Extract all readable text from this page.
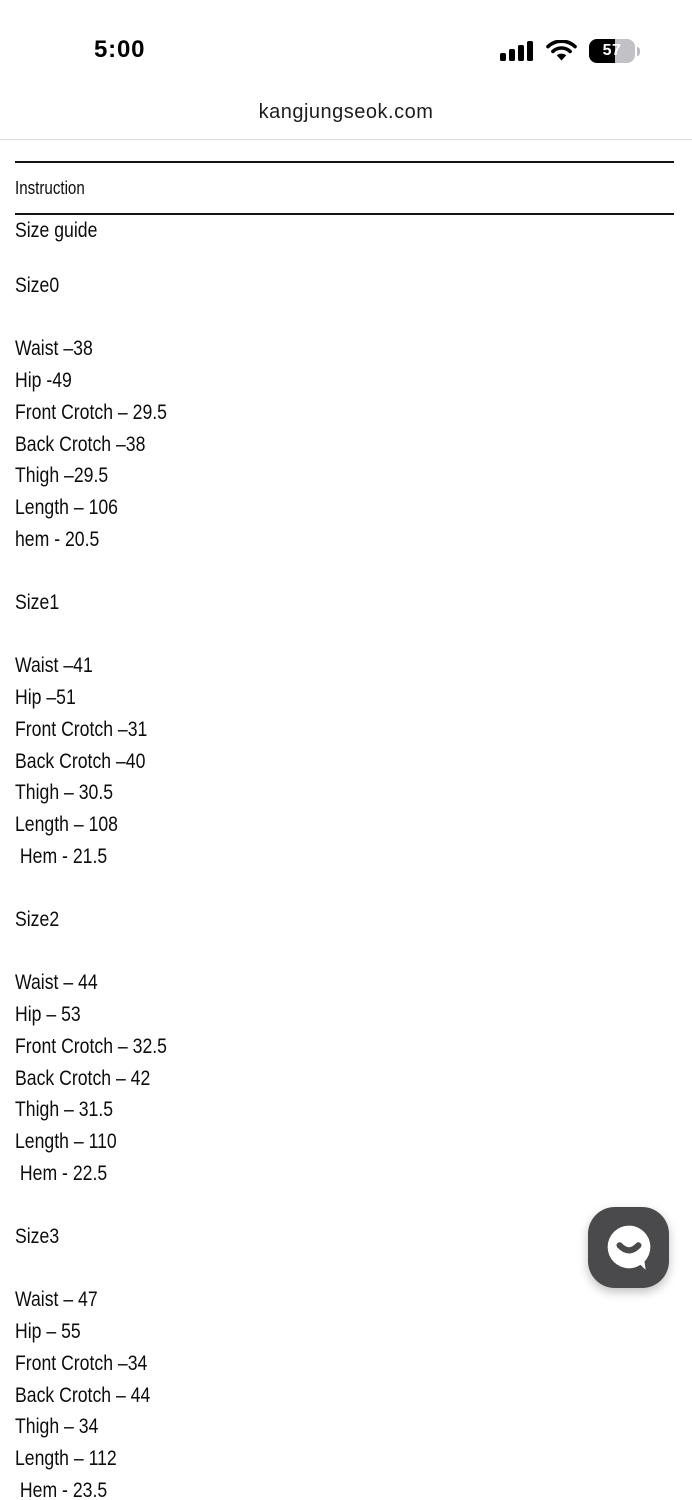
5:00	57
kangjungseok.com
Instruction

Size guide

Size0

Waist –38

Hip -49

Front Crotch – 29.5

Back Crotch –38

Thigh –29.5

Length – 106

hem - 20.5

Size1

Waist –41

Hip –51

Front Crotch –31

Back Crotch –40

Thigh – 30.5

Length – 108

Hem - 21.5

Size2

Waist – 44

Hip – 53

Front Crotch – 32.5

Back Crotch – 42

Thigh – 31.5

Length – 110

Hem - 22.5

Size3

Waist – 47

Hip – 55

Front Crotch –34

Back Crotch – 44

Thigh – 34

Length – 112

Hem - 23.5
